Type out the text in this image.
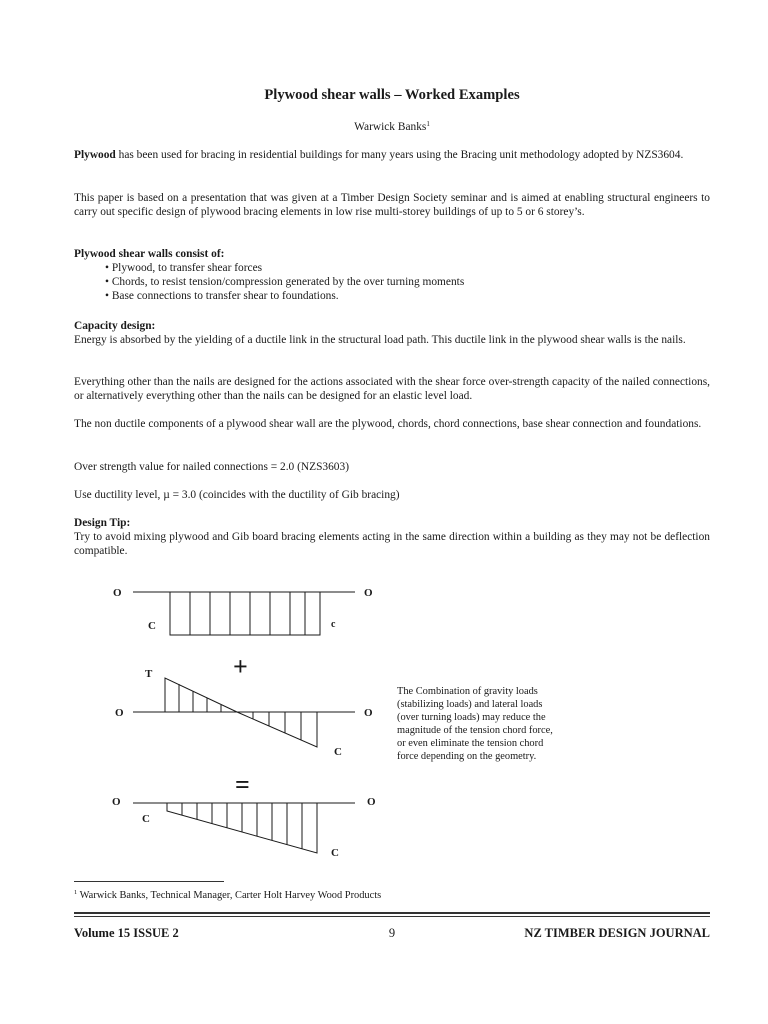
Plywood shear walls – Worked Examples
Warwick Banks$^1$

Plywood has been used for bracing in residential buildings for many years using the Bracing unit methodology adopted by NZS3604.

This paper is based on a presentation that was given at a Timber Design Society seminar and is aimed at enabling structural engineers to carry out specific design of plywood bracing elements in low rise multi-storey buildings of up to 5 or 6 storey’s.

Plywood shear walls consist of:

• Plywood, to transfer shear forces
• Chords, to resist tension/compression generated by the over turning moments
• Base connections to transfer shear to foundations.

Capacity design:

Energy is absorbed by the yielding of a ductile link in the structural load path. This ductile link in the plywood shear walls is the nails.

Everything other than the nails are designed for the actions associated with the shear force over-strength capacity of the nailed connections, or alternatively everything other than the nails can be designed for an elastic level load.

The non ductile components of a plywood shear wall are the plywood, chords, chord connections, base shear connection and foundations.

Over strength value for nailed connections = 2.0 (NZS3603)

Use ductility level, µ = 3.0 (coincides with the ductility of Gib bracing)

Design Tip:

Try to avoid mixing plywood and Gib board bracing elements acting in the same direction within a building as they may not be deflection compatible.

O	O
C	c
+
T
O	O
C
=
O	O
C
C
The Combination of gravity loads (stabilizing loads) and lateral loads (over turning loads) may reduce the magnitude of the tension chord force, or even eliminate the tension chord force depending on the geometry.
$^1$ Warwick Banks, Technical Manager, Carter Holt Harvey Wood Products
Volume 15 ISSUE 2	9	NZ TIMBER DESIGN JOURNAL
